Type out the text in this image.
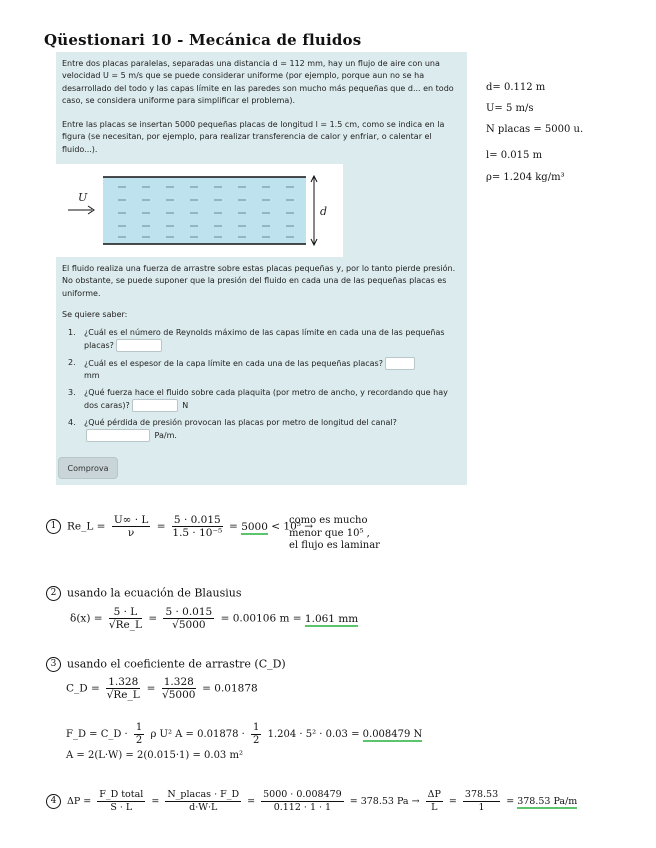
Qüestionari 10 - Mecánica de fluidos

Entre dos placas paralelas, separadas una distancia d = 112 mm, hay un flujo de aire con una velocidad U = 5 m/s que se puede considerar uniforme (por ejemplo, porque aun no se ha desarrollado del todo y las capas límite en las paredes son mucho más pequeñas que d... en todo caso, se considera uniforme para simplificar el problema).

Entre las placas se insertan 5000 pequeñas placas de longitud l = 1.5 cm, como se indica en la figura (se necesitan, por ejemplo, para realizar transferencia de calor y enfriar, o calentar el fluido...).

U
d

El fluido realiza una fuerza de arrastre sobre estas placas pequeñas y, por lo tanto pierde presión. No obstante, se puede suponer que la presión del fluido en cada una de las pequeñas placas es uniforme.

Se quiere saber:

1. ¿Cuál es el número de Reynolds máximo de las capas límite en cada una de las pequeñas placas?
2. ¿Cuál es el espesor de la capa límite en cada una de las pequeñas placas?
mm
3. ¿Qué fuerza hace el fluido sobre cada plaquita (por metro de ancho, y recordando que hay dos caras)?	N
4. ¿Qué pérdida de presión provocan las placas por metro de longitud del canal?
Pa/m.
Comprova
d= 0.112 m
U= 5 m/s
N placas = 5000 u.
l= 0.015 m
ρ= 1.204 kg/m³
1 Re_L = $\frac{U\infty \cdot L}{\nu} = \frac{5 \cdot 0.015}{\text{1.5 · 10⁻⁵}} = 5000 < 10^5$ →
como es mucho
menor que 10⁵ ,
el flujo es laminar
2 usando la ecuación de Blausius
$\delta(x) = \frac{5 \cdot L}{√Re\_L} = \frac{5 \cdot 0.015}{√5000} = 0.00106$ m = 1.061 mm
3 usando el coeficiente de arrastre (C_D)
C_D = $\frac{1.328}{√Re\_L} = \frac{1.328}{√5000} = 0.01878$
F_D = C_D · $\frac{1}{2}$ ρ U² $A = 0.01878 \cdot \frac{1}{2} 1.204 \cdot 5^2 \cdot 0.03 = 0.008479$ N
A = 2(L·W) = 2(0.015·1) = 0.03 m²
4 $\Delta P = \frac{\text{F\_D total}}{S \cdot L} = \frac{\text{N\_placas · F\_D}}{d\cdot W\cdot L} = \frac{5000 \cdot 0.008479}{0.112 \cdot 1 \cdot 1} = 378.53$ $Pa \to \frac{\Delta P}{L} = \frac{378.53}{1} = 378.53$ Pa/m
